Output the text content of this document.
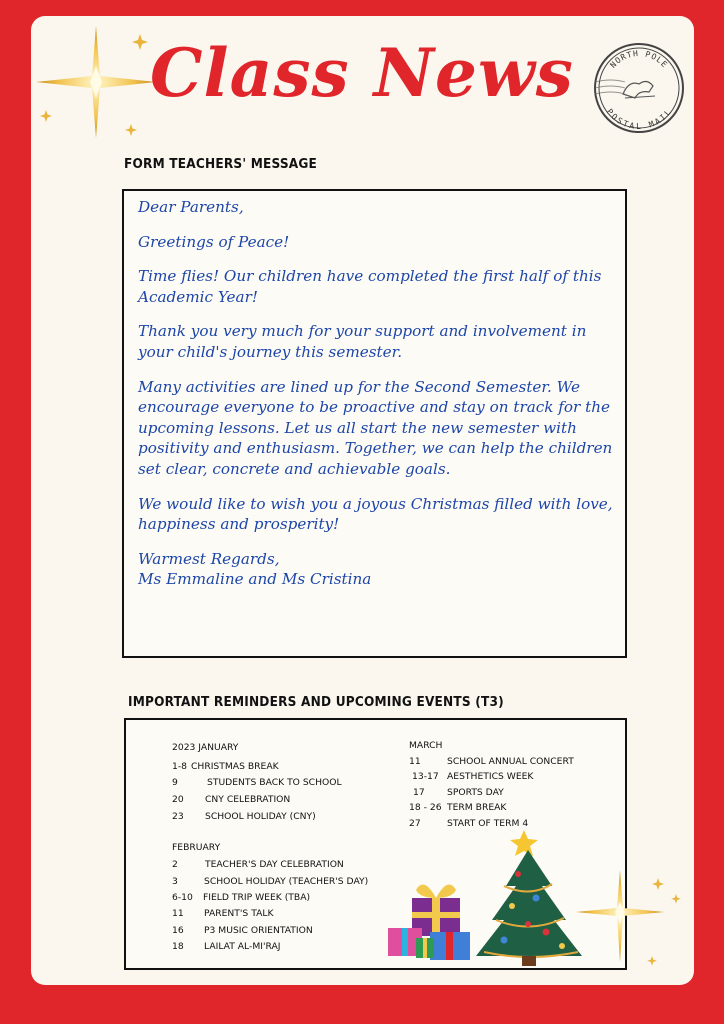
Class News	NORTH POLE
POSTAL MAIL
FORM TEACHERS' MESSAGE

Dear Parents,

Greetings of Peace!

Time flies! Our children have completed the first half of this Academic Year!

Thank you very much for your support and involvement in your child's journey this semester.

Many activities are lined up for the Second Semester. We encourage everyone to be proactive and stay on track for the upcoming lessons. Let us all start the new semester with positivity and enthusiasm. Together, we can help the children set clear, concrete and achievable goals.

We would like to wish you a joyous Christmas filled with love, happiness and prosperity!

Warmest Regards,
Ms Emmaline and Ms Cristina

IMPORTANT REMINDERS AND UPCOMING EVENTS (T3)
2023 JANUARY
1-8 CHRISTMAS BREAK
9	STUDENTS BACK TO SCHOOL
20 CNY CELEBRATION
23 SCHOOL HOLIDAY (CNY)
FEBRUARY
2	TEACHER'S DAY CELEBRATION
3	SCHOOL HOLIDAY (TEACHER'S DAY)
6-10 FIELD TRIP WEEK (TBA)
11 PARENT'S TALK
16 P3 MUSIC ORIENTATION
18 LAILAT AL-MI'RAJ
MARCH
11	SCHOOL ANNUAL CONCERT
13-17 AESTHETICS WEEK
17 SPORTS DAY
18 - 26 TERM BREAK
27	START OF TERM 4
